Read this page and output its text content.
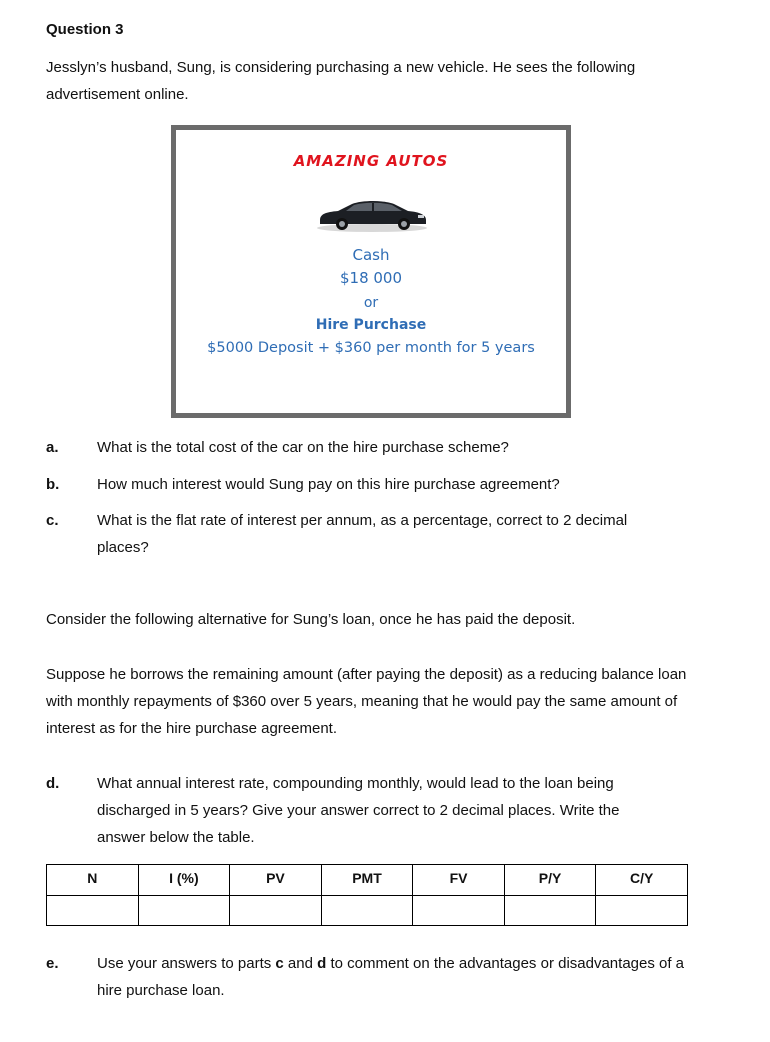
Question 3
Jesslyn’s husband, Sung, is considering purchasing a new vehicle. He sees the following advertisement online.
AMAZING AUTOS
Cash
$18 000
or
Hire Purchase
$5000 Deposit + $360 per month for 5 years
a.	What is the total cost of the car on the hire purchase scheme?
b.	How much interest would Sung pay on this hire purchase agreement?
c.	What is the flat rate of interest per annum, as a percentage, correct to 2 decimal places?
Consider the following alternative for Sung’s loan, once he has paid the deposit.
Suppose he borrows the remaining amount (after paying the deposit) as a reducing balance loan with monthly repayments of $360 over 5 years, meaning that he would pay the same amount of interest as for the hire purchase agreement.
d.	What annual interest rate, compounding monthly, would lead to the loan being discharged in 5 years? Give your answer correct to 2 decimal places. Write the answer below the table.
N	I (%)	PV	PMT	FV	P/Y	C/Y

e.	Use your answers to parts c and d to comment on the advantages or disadvantages of a hire purchase loan.
